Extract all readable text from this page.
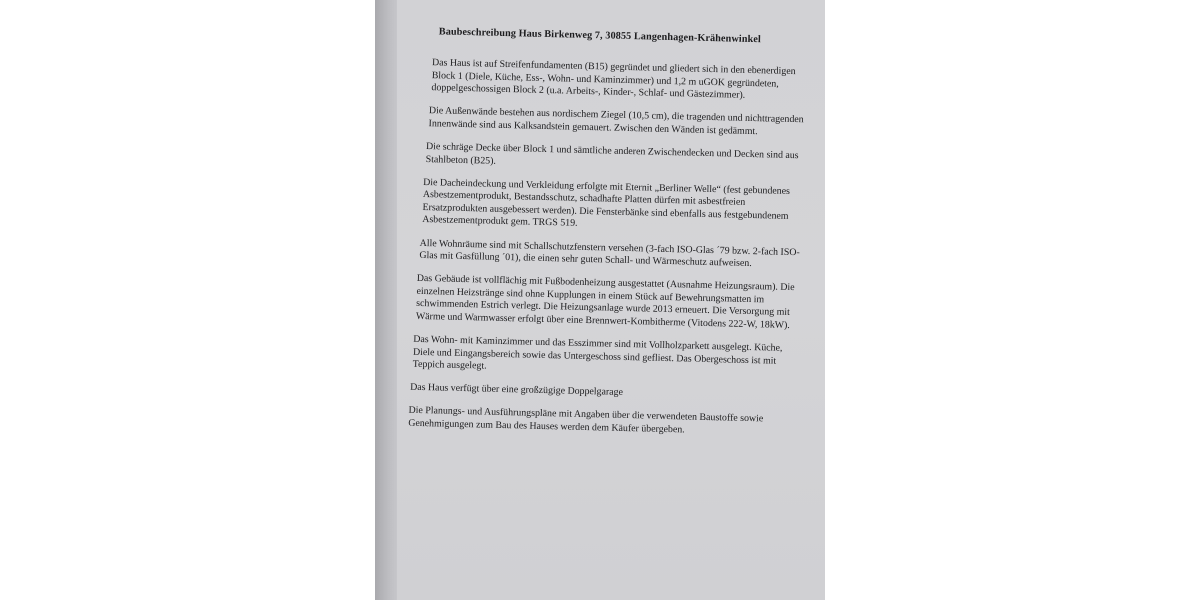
Baubeschreibung Haus Birkenweg 7, 30855 Langenhagen-Krähenwinkel

Das Haus ist auf Streifenfundamenten (B15) gegründet und gliedert sich in den ebenerdigen Block 1 (Diele, Küche, Ess-, Wohn- und Kaminzimmer) und 1,2 m uGOK gegründeten, doppelgeschossigen Block 2 (u.a. Arbeits-, Kinder-, Schlaf- und Gästezimmer).

Die Außenwände bestehen aus nordischem Ziegel (10,5 cm), die tragenden und nichttragenden Innenwände sind aus Kalksandstein gemauert. Zwischen den Wänden ist gedämmt.

Die schräge Decke über Block 1 und sämtliche anderen Zwischendecken und Decken sind aus Stahlbeton (B25).

Die Dacheindeckung und Verkleidung erfolgte mit Eternit „Berliner Welle“ (fest gebundenes Asbestzementprodukt, Bestandsschutz, schadhafte Platten dürfen mit asbestfreien Ersatzprodukten ausgebessert werden). Die Fensterbänke sind ebenfalls aus festgebundenem Asbestzementprodukt gem. TRGS 519.

Alle Wohnräume sind mit Schallschutzfenstern versehen (3-fach ISO-Glas ´79 bzw. 2-fach ISO-Glas mit Gasfüllung ´01), die einen sehr guten Schall- und Wärmeschutz aufweisen.

Das Gebäude ist vollflächig mit Fußbodenheizung ausgestattet (Ausnahme Heizungsraum). Die einzelnen Heizstränge sind ohne Kupplungen in einem Stück auf Bewehrungsmatten im schwimmenden Estrich verlegt. Die Heizungsanlage wurde 2013 erneuert. Die Versorgung mit Wärme und Warmwasser erfolgt über eine Brennwert-Kombitherme (Vitodens 222-W, 18kW).

Das Wohn- mit Kaminzimmer und das Esszimmer sind mit Vollholzparkett ausgelegt. Küche, Diele und Eingangsbereich sowie das Untergeschoss sind gefliest. Das Obergeschoss ist mit Teppich ausgelegt.

Das Haus verfügt über eine großzügige Doppelgarage

Die Planungs- und Ausführungspläne mit Angaben über die verwendeten Baustoffe sowie Genehmigungen zum Bau des Hauses werden dem Käufer übergeben.
